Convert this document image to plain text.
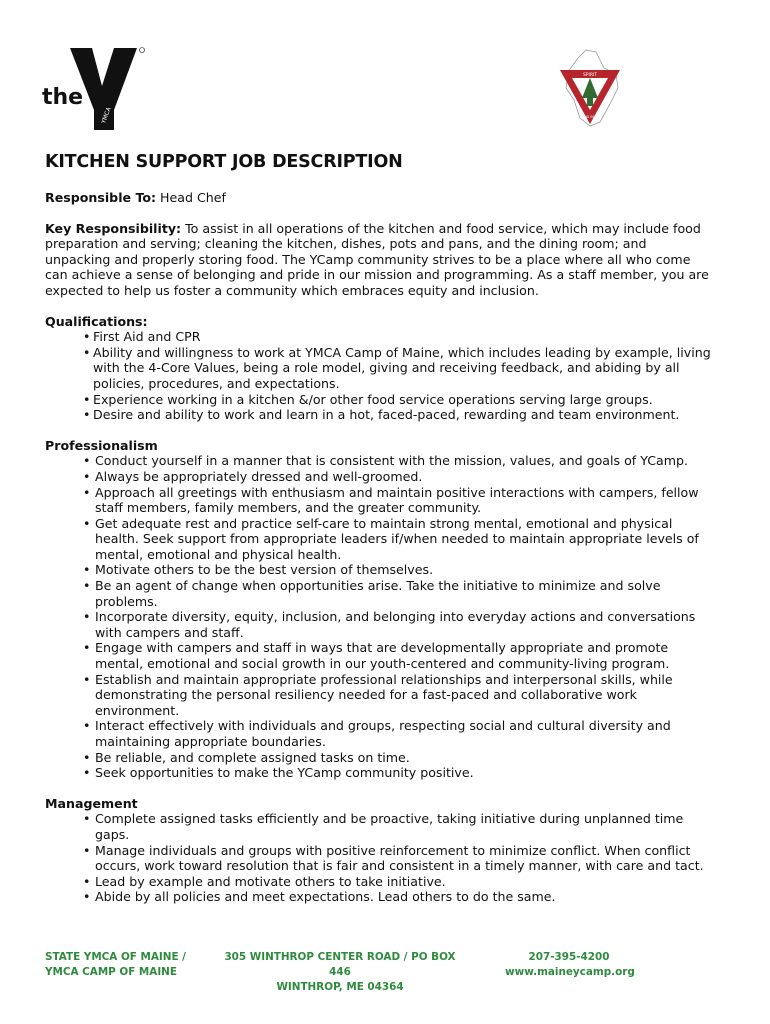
the
YMCA
SPIRIT
MIND BODY
KITCHEN SUPPORT JOB DESCRIPTION

Responsible To: Head Chef

Key Responsibility: To assist in all operations of the kitchen and food service, which may include food preparation and serving; cleaning the kitchen, dishes, pots and pans, and the dining room; and unpacking and properly storing food. The YCamp community strives to be a place where all who come can achieve a sense of belonging and pride in our mission and programming. As a staff member, you are expected to help us foster a community which embraces equity and inclusion.

Qualifications:

• First Aid and CPR
• Ability and willingness to work at YMCA Camp of Maine, which includes leading by example, living with the 4-Core Values, being a role model, giving and receiving feedback, and abiding by all policies, procedures, and expectations.
• Experience working in a kitchen &/or other food service operations serving large groups.
• Desire and ability to work and learn in a hot, faced-paced, rewarding and team environment.

Professionalism

• Conduct yourself in a manner that is consistent with the mission, values, and goals of YCamp.
• Always be appropriately dressed and well-groomed.
• Approach all greetings with enthusiasm and maintain positive interactions with campers, fellow staff members, family members, and the greater community.
• Get adequate rest and practice self-care to maintain strong mental, emotional and physical health. Seek support from appropriate leaders if/when needed to maintain appropriate levels of mental, emotional and physical health.
• Motivate others to be the best version of themselves.
• Be an agent of change when opportunities arise. Take the initiative to minimize and solve problems.
• Incorporate diversity, equity, inclusion, and belonging into everyday actions and conversations with campers and staff.
• Engage with campers and staff in ways that are developmentally appropriate and promote mental, emotional and social growth in our youth-centered and community-living program.
• Establish and maintain appropriate professional relationships and interpersonal skills, while demonstrating the personal resiliency needed for a fast-paced and collaborative work environment.
• Interact effectively with individuals and groups, respecting social and cultural diversity and maintaining appropriate boundaries.
• Be reliable, and complete assigned tasks on time.
• Seek opportunities to make the YCamp community positive.

Management

• Complete assigned tasks efficiently and be proactive, taking initiative during unplanned time gaps.
• Manage individuals and groups with positive reinforcement to minimize conflict. When conflict occurs, work toward resolution that is fair and consistent in a timely manner, with care and tact.
• Lead by example and motivate others to take initiative.
• Abide by all policies and meet expectations. Lead others to do the same.
STATE YMCA OF MAINE /
YMCA CAMP OF MAINE
305 WINTHROP CENTER ROAD / PO BOX 446
WINTHROP, ME 04364
207-395-4200
www.maineycamp.org
